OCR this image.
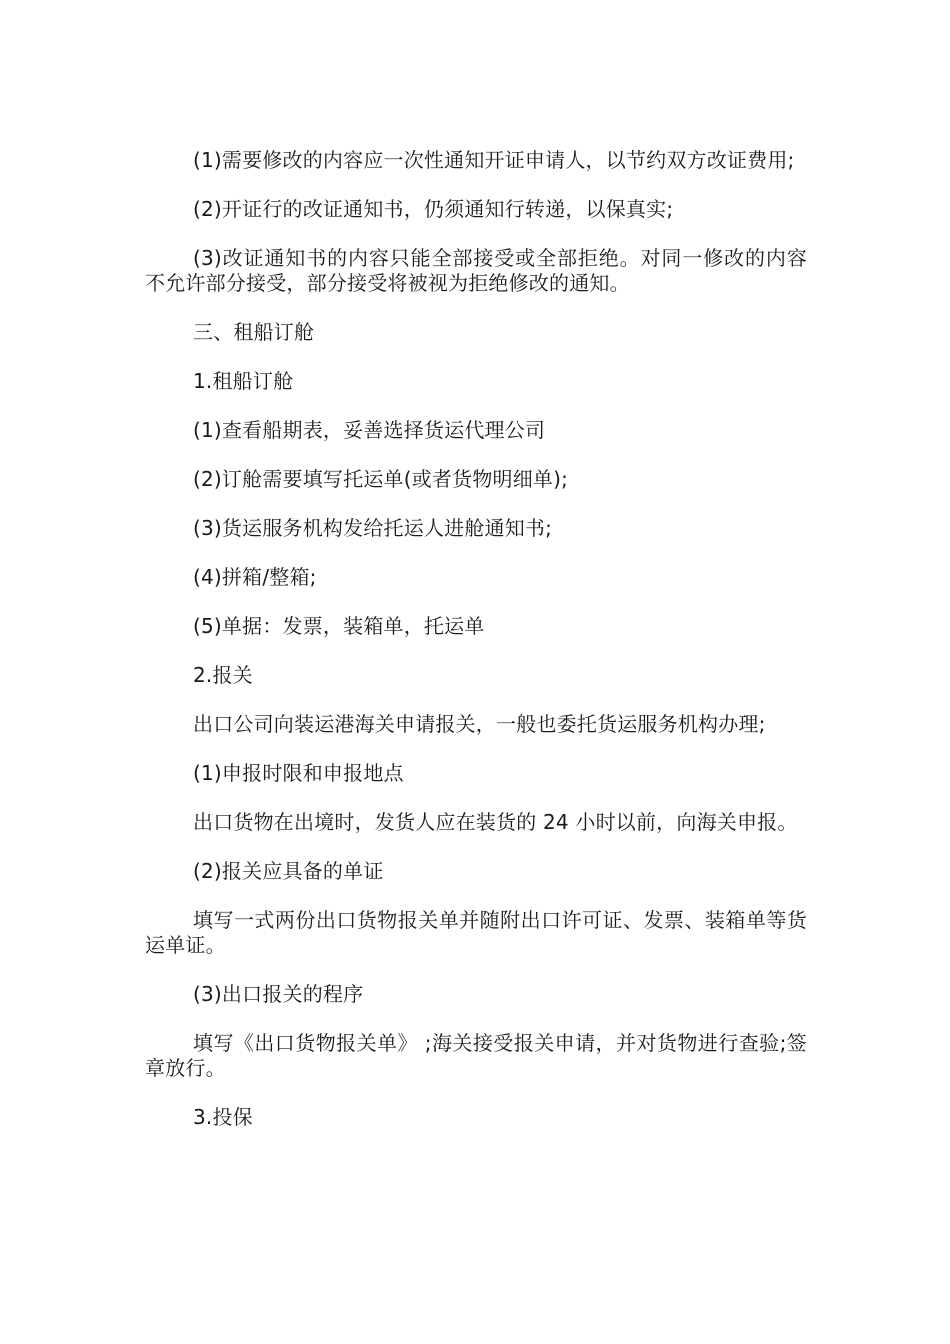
(1)需要修改的内容应一次性通知开证申请人，以节约双方改证费用;

(2)开证行的改证通知书，仍须通知行转递，以保真实;

(3)改证通知书的内容只能全部接受或全部拒绝。对同一修改的内容不允许部分接受，部分接受将被视为拒绝修改的通知。

三、租船订舱

1.租船订舱

(1)查看船期表，妥善选择货运代理公司

(2)订舱需要填写托运单(或者货物明细单);

(3)货运服务机构发给托运人进舱通知书;

(4)拼箱/整箱;

(5)单据：发票，装箱单，托运单

2.报关

出口公司向装运港海关申请报关，一般也委托货运服务机构办理;

(1)申报时限和申报地点

出口货物在出境时，发货人应在装货的 24 小时以前，向海关申报。

(2)报关应具备的单证

填写一式两份出口货物报关单并随附出口许可证、发票、装箱单等货运单证。

(3)出口报关的程序

填写《出口货物报关单》 ;海关接受报关申请，并对货物进行查验;签章放行。

3.投保
